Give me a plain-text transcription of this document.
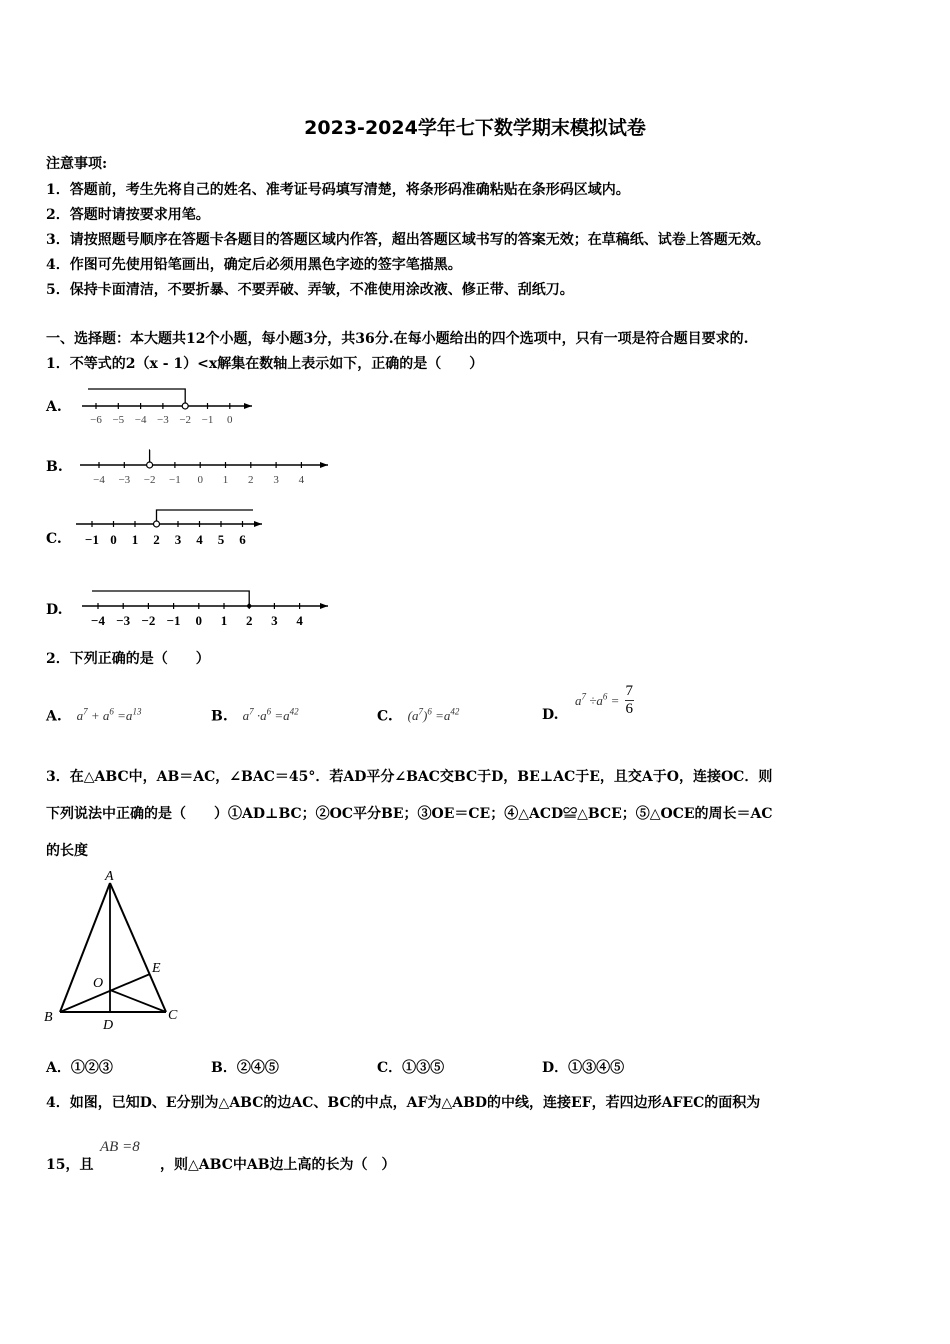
2023-2024学年七下数学期末模拟试卷
注意事项:
1．答题前，考生先将自己的姓名、准考证号码填写清楚，将条形码准确粘贴在条形码区域内。
2．答题时请按要求用笔。
3．请按照题号顺序在答题卡各题目的答题区域内作答，超出答题区域书写的答案无效；在草稿纸、试卷上答题无效。
4．作图可先使用铅笔画出，确定后必须用黑色字迹的签字笔描黑。
5．保持卡面清洁，不要折暴、不要弄破、弄皱，不准使用涂改液、修正带、刮纸刀。
一、选择题：本大题共12个小题，每小题3分，共36分.在每小题给出的四个选项中，只有一项是符合题目要求的.
1．不等式的2（x - 1）<x解集在数轴上表示如下，正确的是（　　）
A.
−6 −5 −4 −3 −2 −1 0
B.
−4 −3 −2 −1 0 1 2 3 4
C. −1 0 1 2 3 4 5 6
D.
−4 −3 −2 −1 0 1 2 3 4
2．下列正确的是（　　）
A. $a^7 + a^6 =a^{13}$	B. $a^7 \cdot a^6 =a^{42}$	C. $(a^7)^6 =a^{42}$	D.
$a^7 \div a^6 = \frac{7}{6}$
3．在△ABC中，AB＝AC，∠BAC＝45°．若AD平分∠BAC交BC于D，BE⊥AC于E，且交A于O，连接OC．则
下列说法中正确的是（　　）①AD⊥BC；②OC平分BE；③OE＝CE；④△ACD≌△BCE；⑤△OCE的周长＝AC
的长度
A
B	C
D
E
O
A．①②③	B．②④⑤	C．①③⑤	D．①③④⑤
4．如图，已知D、E分别为△ABC的边AC、BC的中点，AF为△ABD的中线，连接EF，若四边形AFEC的面积为
15，且
AB =8
，则△ABC中AB边上高的长为（　）
